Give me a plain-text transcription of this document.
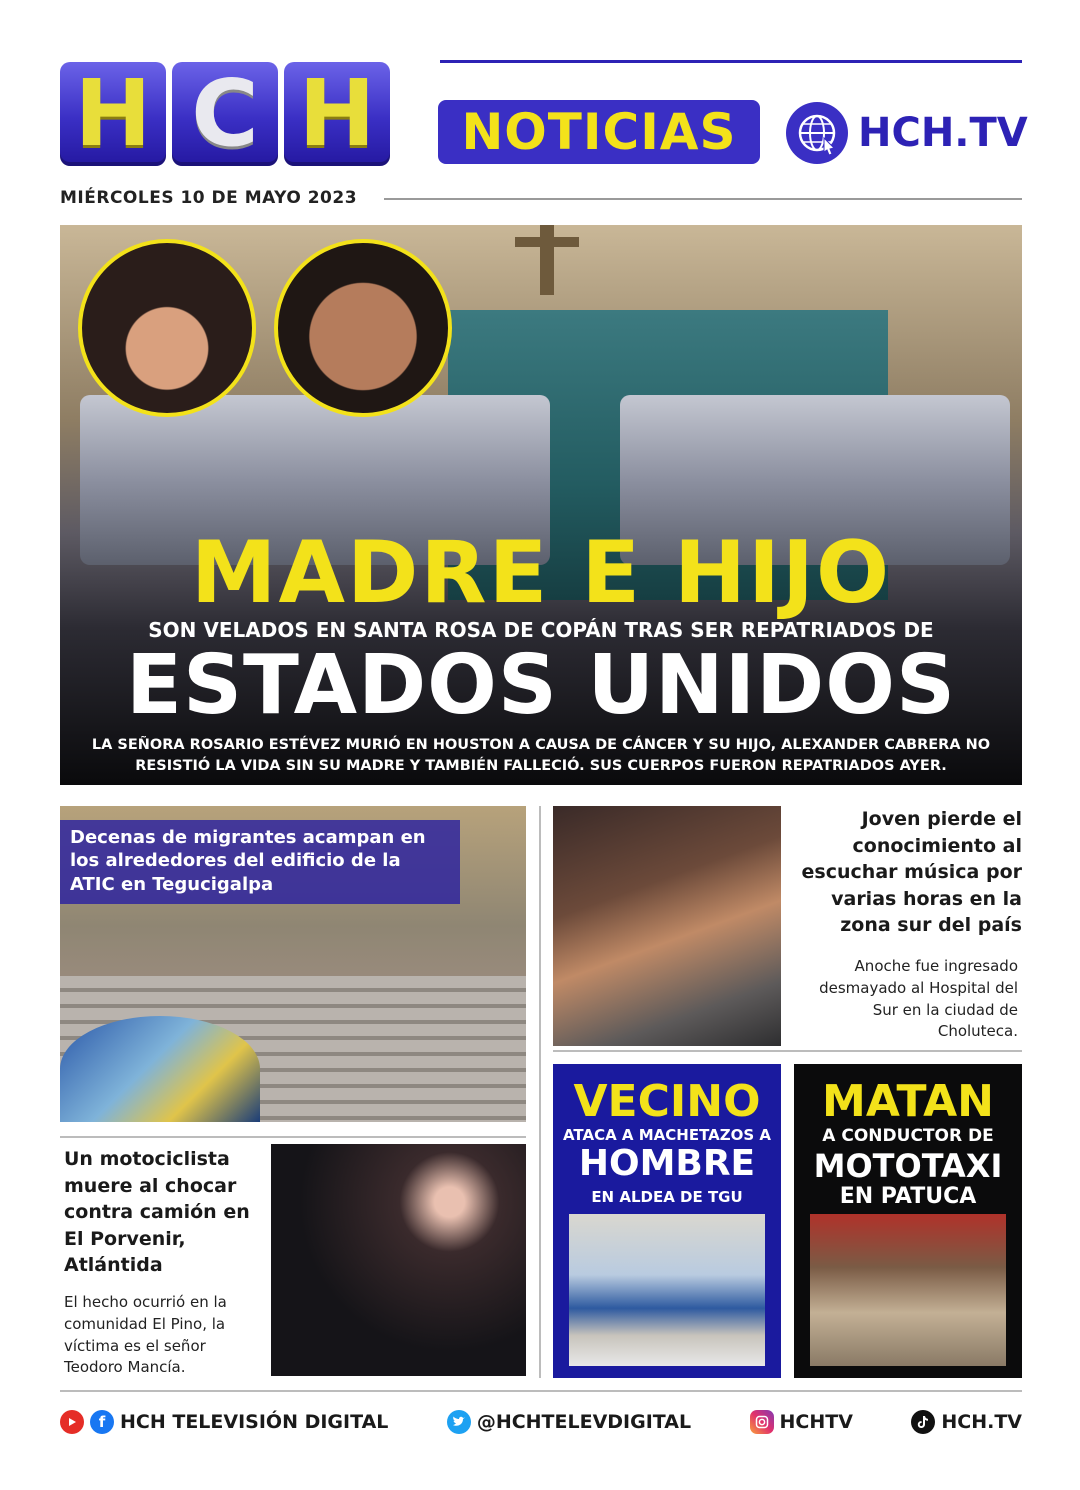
H C H	NOTICIAS	HCH.TV
MIÉRCOLES 10 DE MAYO 2023
MADRE E HIJO
SON VELADOS EN SANTA ROSA DE COPÁN TRAS SER REPATRIADOS DE
ESTADOS UNIDOS
LA SEÑORA ROSARIO ESTÉVEZ MURIÓ EN HOUSTON A CAUSA DE CÁNCER Y SU HIJO, ALEXANDER CABRERA NO RESISTIÓ LA VIDA SIN SU MADRE Y TAMBIÉN FALLECIÓ. SUS CUERPOS FUERON REPATRIADOS AYER.
Decenas de migrantes acampan en los alrededores del edificio de la ATIC en Tegucigalpa
Joven pierde el conocimiento al escuchar música por varias horas en la zona sur del país
Anoche fue ingresado desmayado al Hospital del Sur en la ciudad de Choluteca.
Un motociclista muere al chocar contra camión en El Porvenir, Atlántida
El hecho ocurrió en la comunidad El Pino, la víctima es el señor Teodoro Mancía.
VECINO
ATACA A MACHETAZOS A
HOMBRE
EN ALDEA DE TGU
MATAN
A CONDUCTOR DE
MOTOTAXI
EN PATUCA
f HCH TELEVISIÓN DIGITAL	@HCHTELEVDIGITAL	HCHTV	HCH.TV
